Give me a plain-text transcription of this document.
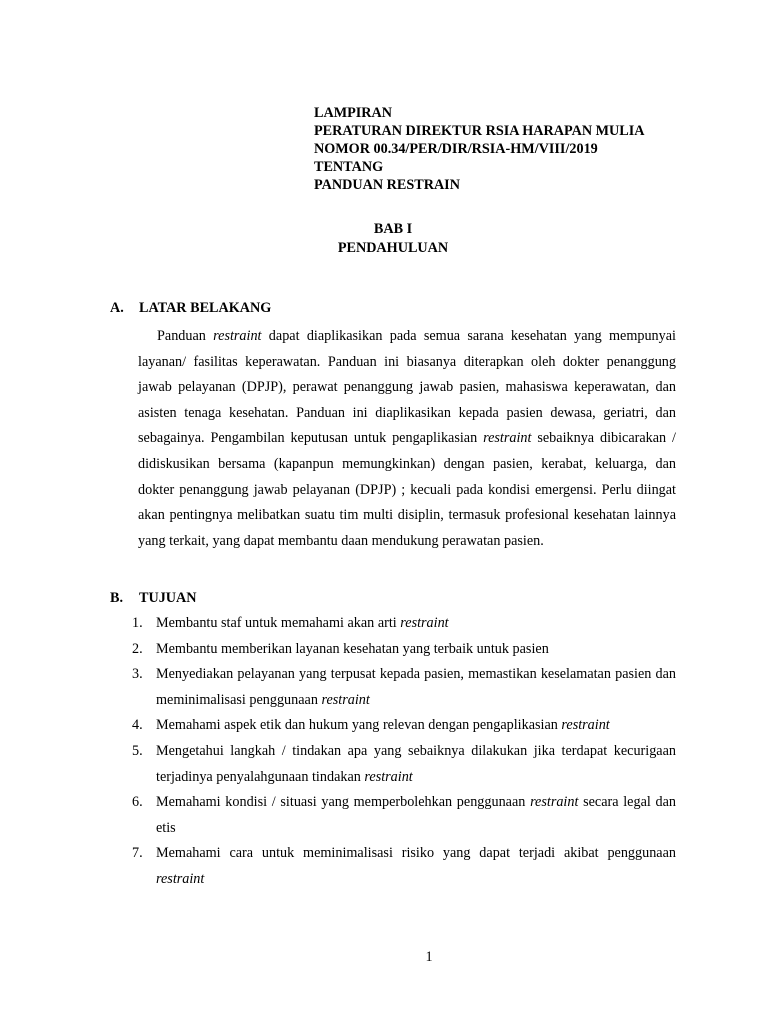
LAMPIRAN
PERATURAN DIREKTUR RSIA HARAPAN MULIA
NOMOR 00.34/PER/DIR/RSIA-HM/VIII/2019
TENTANG
PANDUAN RESTRAIN
BAB I
PENDAHULUAN
A. LATAR BELAKANG
Panduan restraint dapat diaplikasikan pada semua sarana kesehatan yang mempunyai layanan/ fasilitas keperawatan. Panduan ini biasanya diterapkan oleh dokter penanggung jawab pelayanan (DPJP), perawat penanggung jawab pasien, mahasiswa keperawatan, dan asisten tenaga kesehatan. Panduan ini diaplikasikan kepada pasien dewasa, geriatri, dan sebagainya. Pengambilan keputusan untuk pengaplikasian restraint sebaiknya dibicarakan / didiskusikan bersama (kapanpun memungkinkan) dengan pasien, kerabat, keluarga, dan dokter penanggung jawab pelayanan (DPJP) ; kecuali pada kondisi emergensi. Perlu diingat akan pentingnya melibatkan suatu tim multi disiplin, termasuk profesional kesehatan lainnya yang terkait, yang dapat membantu daan mendukung perawatan pasien.
B. TUJUAN
1. Membantu staf untuk memahami akan arti restraint
2. Membantu memberikan layanan kesehatan yang terbaik untuk pasien
3. Menyediakan pelayanan yang terpusat kepada pasien, memastikan keselamatan pasien dan meminimalisasi penggunaan restraint
4. Memahami aspek etik dan hukum yang relevan dengan pengaplikasian restraint
5. Mengetahui langkah / tindakan apa yang sebaiknya dilakukan jika terdapat kecurigaan terjadinya penyalahgunaan tindakan restraint
6. Memahami kondisi / situasi yang memperbolehkan penggunaan restraint secara legal dan etis
7. Memahami cara untuk meminimalisasi risiko yang dapat terjadi akibat penggunaan restraint
1
